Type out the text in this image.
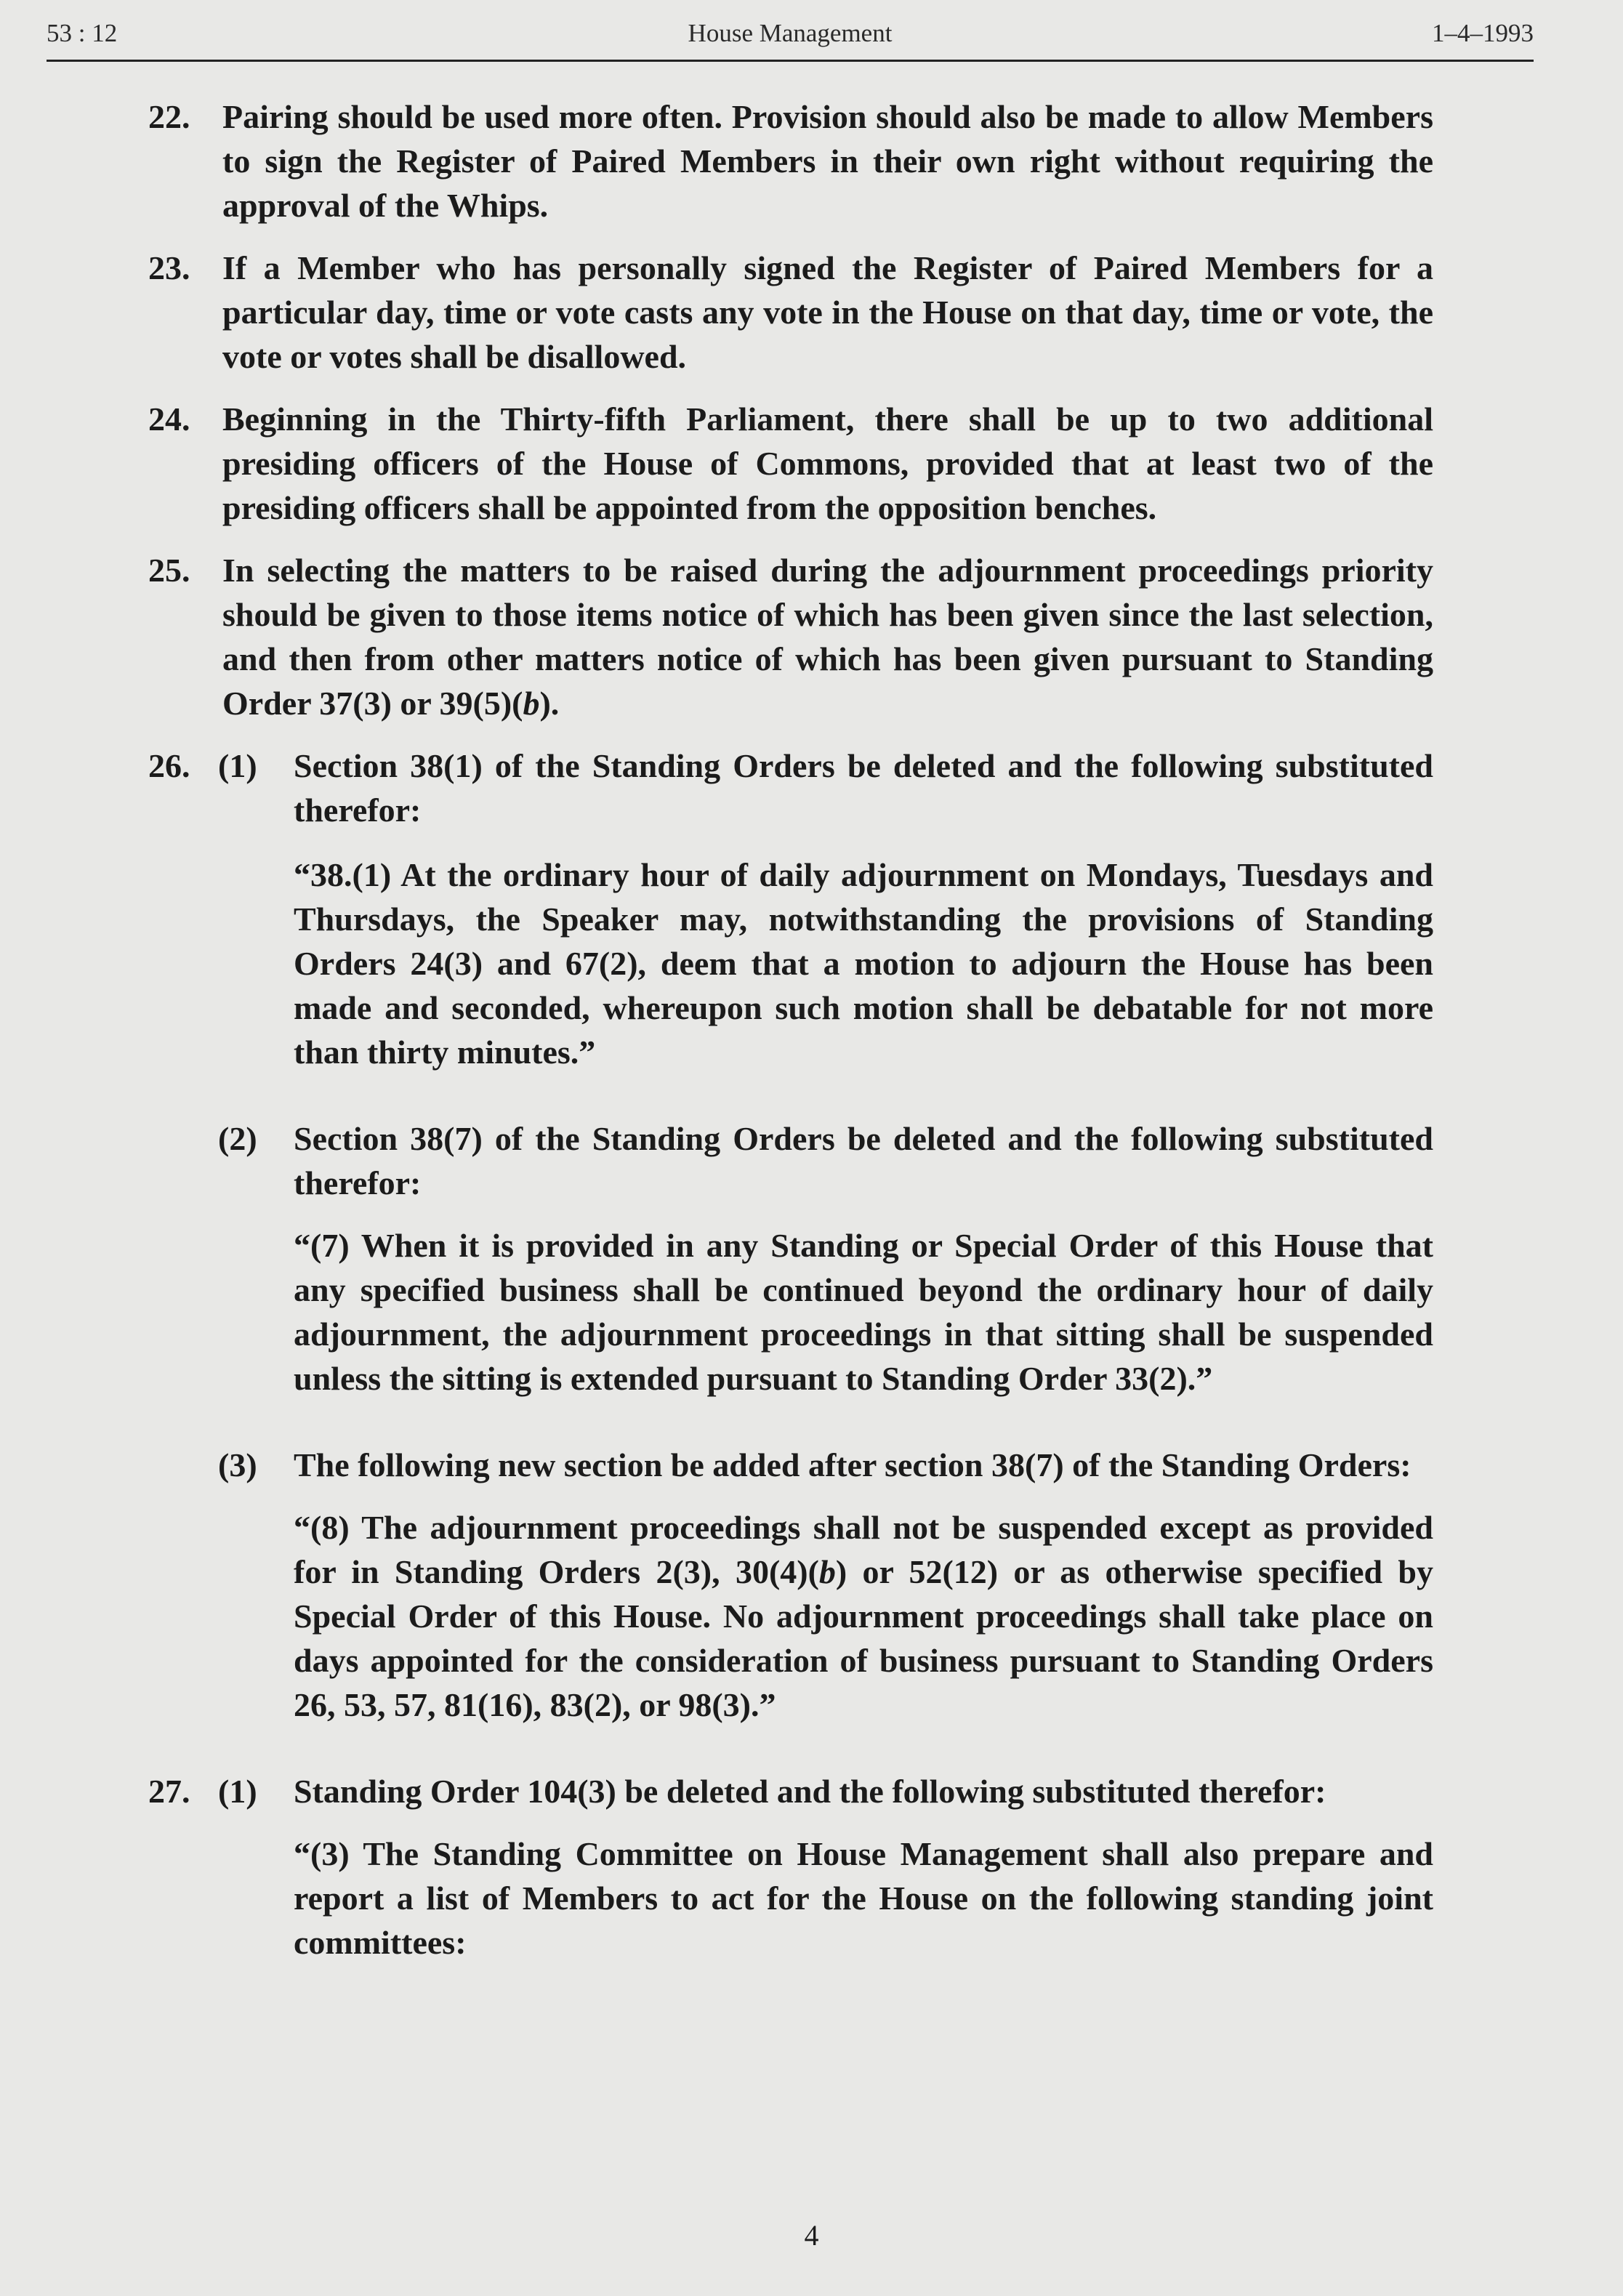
53 : 12	House Management	1–4–1993
22. Pairing should be used more often. Provision should also be made to allow Members to sign the Register of Paired Members in their own right without requiring the approval of the Whips.
23. If a Member who has personally signed the Register of Paired Members for a particular day, time or vote casts any vote in the House on that day, time or vote, the vote or votes shall be disallowed.
24. Beginning in the Thirty-fifth Parliament, there shall be up to two additional presiding officers of the House of Commons, provided that at least two of the presiding officers shall be appointed from the opposition benches.
25. In selecting the matters to be raised during the adjournment proceedings priority should be given to those items notice of which has been given since the last selection, and then from other matters notice of which has been given pursuant to Standing Order 37(3) or 39(5)(b).
26. (1) Section 38(1) of the Standing Orders be deleted and the following substituted therefor:
“38.(1) At the ordinary hour of daily adjournment on Mondays, Tuesdays and Thursdays, the Speaker may, notwithstanding the provisions of Standing Orders 24(3) and 67(2), deem that a motion to adjourn the House has been made and seconded, whereupon such motion shall be debatable for not more than thirty minutes.”
(2) Section 38(7) of the Standing Orders be deleted and the following substituted therefor:
“(7) When it is provided in any Standing or Special Order of this House that any specified business shall be continued beyond the ordinary hour of daily adjournment, the adjournment proceedings in that sitting shall be suspended unless the sitting is extended pursuant to Standing Order 33(2).”
(3) The following new section be added after section 38(7) of the Standing Orders:
“(8) The adjournment proceedings shall not be suspended except as provided for in Standing Orders 2(3), 30(4)(b) or 52(12) or as otherwise specified by Special Order of this House. No adjournment proceedings shall take place on days appointed for the consideration of business pursuant to Standing Orders 26, 53, 57, 81(16), 83(2), or 98(3).”
27. (1) Standing Order 104(3) be deleted and the following substituted therefor:
“(3) The Standing Committee on House Management shall also prepare and report a list of Members to act for the House on the following standing joint committees:
4
